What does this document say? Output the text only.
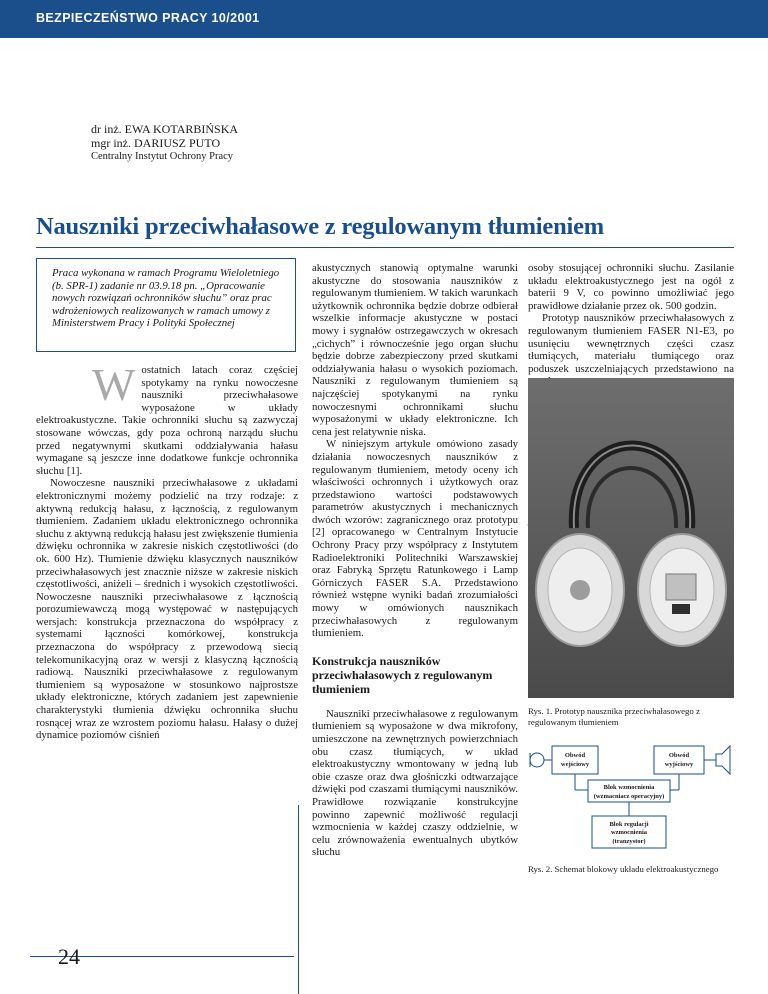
BEZPIECZEŃSTWO PRACY 10/2001
dr inż. EWA KOTARBIŃSKA
mgr inż. DARIUSZ PUTO
Centralny Instytut Ochrony Pracy
Nauszniki przeciwhałasowe z regulowanym tłumieniem
Praca wykonana w ramach Programu Wieloletniego (b. SPR-1) zadanie nr 03.9.18 pn. „Opracowanie nowych rozwiązań ochronników słuchu” oraz prac wdrożeniowych realizowanych w ramach umowy z Ministerstwem Pracy i Polityki Społecznej
W ostatnich latach coraz częściej spotykamy na rynku nowoczesne nauszniki przeciwhałasowe wyposażone w układy elektroakustyczne. Takie ochronniki słuchu są zazwyczaj stosowane wówczas, gdy poza ochroną narządu słuchu przed negatywnymi skutkami oddziaływania hałasu wymagane są jeszcze inne dodatkowe funkcje ochronnika słuchu [1].

Nowoczesne nauszniki przeciwhałasowe z układami elektronicznymi możemy podzielić na trzy rodzaje: z aktywną redukcją hałasu, z łącznością, z regulowanym tłumieniem. Zadaniem układu elektronicznego ochronnika słuchu z aktywną redukcją hałasu jest zwiększenie tłumienia dźwięku ochronnika w zakresie niskich częstotliwości (do ok. 600 Hz). Tłumienie dźwięku klasycznych nauszników przeciwhałasowych jest znacznie niższe w zakresie niskich częstotliwości, aniżeli – średnich i wysokich częstotliwości. Nowoczesne nauszniki przeciwhałasowe z łącznością porozumiewawczą mogą występować w następujących wersjach: konstrukcja przeznaczona do współpracy z systemami łączności komórkowej, konstrukcja przeznaczona do współpracy z przewodową siecią telekomunikacyjną oraz w wersji z klasyczną łącznością radiową. Nauszniki przeciwhałasowe z regulowanym tłumieniem są wyposażone w stosunkowo najprostsze układy elektroniczne, których zadaniem jest zapewnienie charakterystyki tłumienia dźwięku ochronnika słuchu rosnącej wraz ze wzrostem poziomu hałasu. Hałasy o dużej dynamice poziomów ciśnień

akustycznych stanowią optymalne warunki akustyczne do stosowania nauszników z regulowanym tłumieniem. W takich warunkach użytkownik ochronnika będzie dobrze odbierał wszelkie informacje akustyczne w postaci mowy i sygnałów ostrzegawczych w okresach „cichych” i równocześnie jego organ słuchu będzie dobrze zabezpieczony przed skutkami oddziaływania hałasu o wysokich poziomach. Nauszniki z regulowanym tłumieniem są najczęściej spotykanymi na rynku nowoczesnymi ochronnikami słuchu wyposażonymi w układy elektroniczne. Ich cena jest relatywnie niska.

W niniejszym artykule omówiono zasady działania nowoczesnych nauszników z regulowanym tłumieniem, metody oceny ich właściwości ochronnych i użytkowych oraz przedstawiono wartości podstawowych parametrów akustycznych i mechanicznych dwóch wzorów: zagranicznego oraz prototypu [2] opracowanego w Centralnym Instytucie Ochrony Pracy przy współpracy z Instytutem Radioelektroniki Politechniki Warszawskiej oraz Fabryką Sprzętu Ratunkowego i Lamp Górniczych FASER S.A. Przedstawiono również wstępne wyniki badań zrozumiałości mowy w omówionych nausznikach przeciwhałasowych z regulowanym tłumieniem.

Konstrukcja nauszników przeciwhałasowych z regulowanym tłumieniem

Nauszniki przeciwhałasowe z regulowanym tłumieniem są wyposażone w dwa mikrofony, umieszczone na zewnętrznych powierzchniach obu czasz tłumiących, w układ elektroakustyczny wmontowany w jedną lub obie czasze oraz dwa głośniczki odtwarzające dźwięki pod czaszami tłumiącymi nauszników. Prawidłowe rozwiązanie konstrukcyjne powinno zapewnić możliwość regulacji wzmocnienia w każdej czaszy oddzielnie, w celu zrównoważenia ewentualnych ubytków słuchu

osoby stosującej ochronniki słuchu. Zasilanie układu elektroakustycznego jest na ogół z baterii 9 V, co powinno umożliwiać jego prawidłowe działanie przez ok. 500 godzin.

Prototyp nauszników przeciwhałasowych z regulowanym tłumieniem FASER N1-E3, po usunięciu wewnętrznych części czasz tłumiących, materiału tłumiącego oraz poduszek uszczelniających przedstawiono na

Rys. 1. Prototyp nausznika przeciwhałasowego z regulowanym tłumieniem
Obwód
wejściowy
Obwód
wyjściowy
Blok wzmocnienia
(wzmacniacz operacyjny)
Blok regulacji
wzmocnienia
(tranzystor)
Rys. 2. Schemat blokowy układu elektroakustycznego
24
